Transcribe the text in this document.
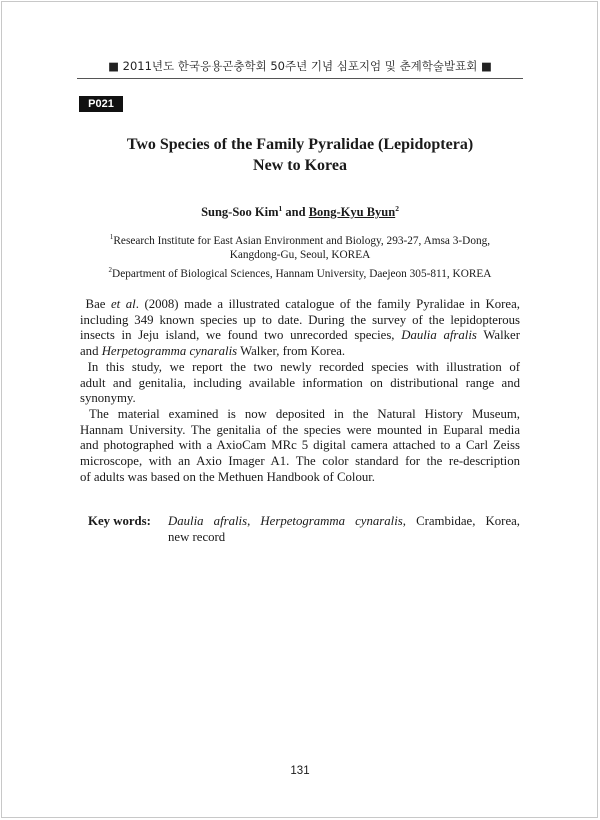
■ 2011년도 한국응용곤충학회 50주년 기념 심포지엄 및 춘계학술발표회 ■
P021
Two Species of the Family Pyralidae (Lepidoptera)
New to Korea
Sung-Soo Kim$^1$ and Bong-Kyu Byun$^2$
$^1$Research Institute for East Asian Environment and Biology, 293-27, Amsa 3-Dong,
Kangdong-Gu, Seoul, KOREA
$^2$Department of Biological Sciences, Hannam University, Daejeon 305-811, KOREA
Bae et al. (2008) made a illustrated catalogue of the family Pyralidae in Korea,
including 349 known species up to date. During the survey of the lepidopterous
insects in Jeju island, we found two unrecorded species, Daulia afralis Walker
and Herpetogramma cynaralis Walker, from Korea.
In this study, we report the two newly recorded species with illustration of
adult and genitalia, including available information on distributional range and
synonymy.
The material examined is now deposited in the Natural History Museum,
Hannam University. The genitalia of the species were mounted in Euparal media
and photographed with a AxioCam MRc 5 digital camera attached to a Carl Zeiss
microscope, with an Axio Imager A1. The color standard for the re-description
of adults was based on the Methuen Handbook of Colour.
Key words:	Daulia afralis, Herpetogramma cynaralis, Crambidae, Korea,
new record
131
